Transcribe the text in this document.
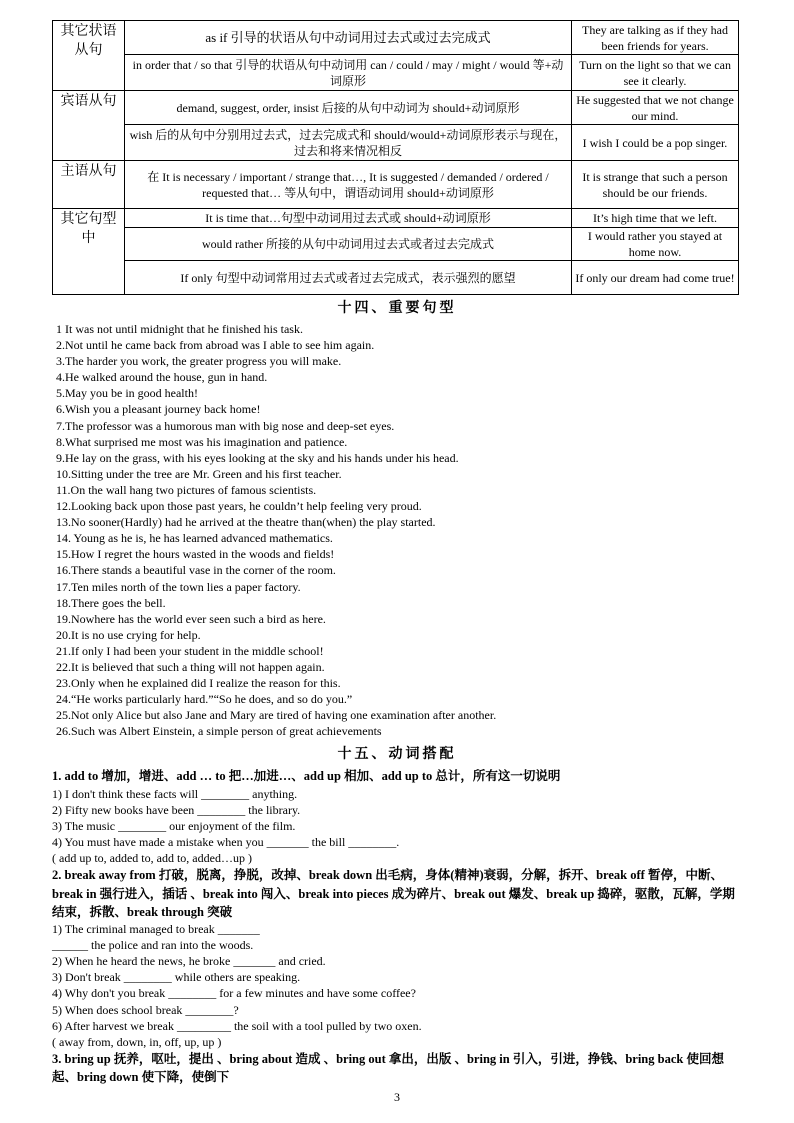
其它状语从句	as if 引导的状语从句中动词用过去式或过去完成式	They are talking as if they had been friends for years.
	in order that / so that 引导的状语从句中动词用 can / could / may / might / would 等+动词原形	Turn on the light so that we can see it clearly.
宾语从句	demand, suggest, order, insist 后接的从句中动词为 should+动词原形	He suggested that we not change our mind.
	wish 后的从句中分别用过去式，过去完成式和 should/would+动词原形表示与现在，过去和将来情况相反	I wish I could be a pop singer.
主语从句	在 It is necessary / important / strange that…, It is suggested / demanded / ordered / requested that… 等从句中，谓语动词用 should+动词原形	It is strange that such a person should be our friends.
其它句型中	It is time that…句型中动词用过去式或 should+动词原形	It’s high time that we left.
	would rather 所接的从句中动词用过去式或者过去完成式	I would rather you stayed at home now.
	If only 句型中动词常用过去式或者过去完成式，表示强烈的愿望	If only our dream had come true!
十四、重要句型
1 It was not until midnight that he finished his task.
2.Not until he came back from abroad was I able to see him again.
3.The harder you work, the greater progress you will make.
4.He walked around the house, gun in hand.
5.May you be in good health!
6.Wish you a pleasant journey back home!
7.The professor was a humorous man with big nose and deep-set eyes.
8.What surprised me most was his imagination and patience.
9.He lay on the grass, with his eyes looking at the sky and his hands under his head.
10.Sitting under the tree are Mr. Green and his first teacher.
11.On the wall hang two pictures of famous scientists.
12.Looking back upon those past years, he couldn’t help feeling very proud.
13.No sooner(Hardly) had he arrived at the theatre than(when) the play started.
14. Young as he is, he has learned advanced mathematics.
15.How I regret the hours wasted in the woods and fields!
16.There stands a beautiful vase in the corner of the room.
17.Ten miles north of the town lies a paper factory.
18.There goes the bell.
19.Nowhere has the world ever seen such a bird as here.
20.It is no use crying for help.
21.If only I had been your student in the middle school!
22.It is believed that such a thing will not happen again.
23.Only when he explained did I realize the reason for this.
24.“He works particularly hard.”“So he does, and so do you.”
25.Not only Alice but also Jane and Mary are tired of having one examination after another.
26.Such was Albert Einstein, a simple person of great achievements
十五、动词搭配
1. add to 增加，增进、add … to 把…加进…、add up 相加、add up to 总计，所有这一切说明
1) I don't think these facts will ________ anything.
2) Fifty new books have been ________ the library.
3) The music ________ our enjoyment of the film.
4) You must have made a mistake when you _______ the bill ________.
( add up to, added to, add to, added…up )
2. break away from 打破，脱离，挣脱，改掉、break down 出毛病，身体(精神)衰弱，分解，拆开、break off 暂停，中断、break in 强行进入，插话 、break into 闯入、break into pieces 成为碎片、break out 爆发、break up 捣碎，驱散，瓦解，学期结束，拆散、break through 突破
1) The criminal managed to break _______
______ the police and ran into the woods.
2) When he heard the news, he broke _______ and cried.
3) Don't break ________ while others are speaking.
4) Why don't you break ________ for a few minutes and have some coffee?
5) When does school break ________?
6) After harvest we break _________ the soil with a tool pulled by two oxen.
( away from, down, in, off, up, up )
3. bring up 抚养，呕吐，提出 、bring about 造成 、bring out 拿出，出版 、bring in 引入，引进，挣钱、bring back 使回想起、bring down 使下降，使倒下
3
